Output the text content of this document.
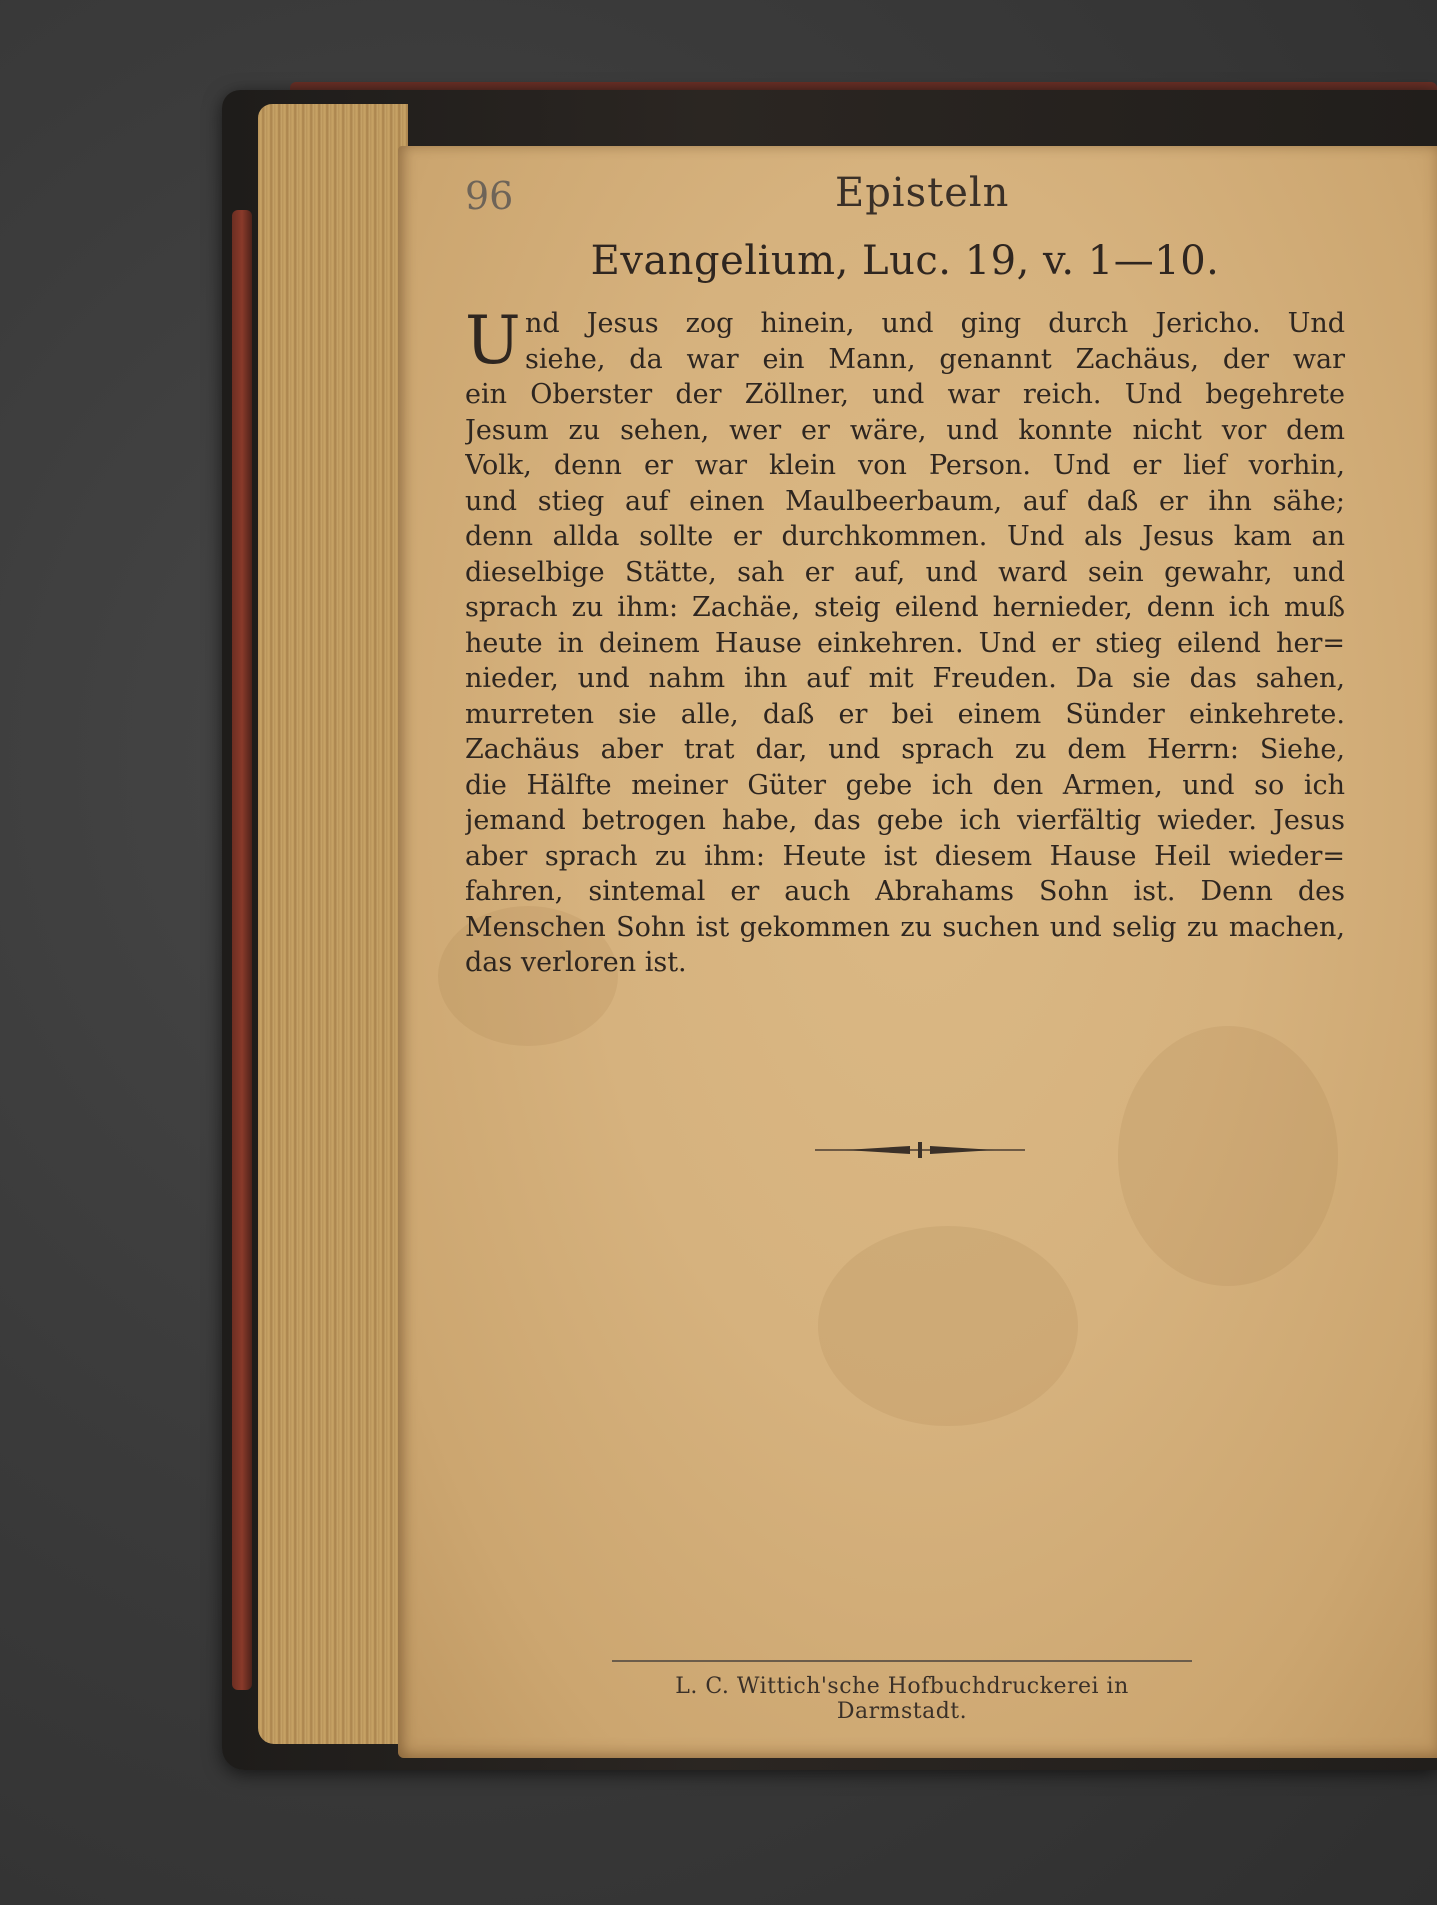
96	Episteln
Evangelium, Luc. 19, v. 1—10.
U nd Jesus zog hinein, und ging durch Jericho. Und
siehe, da war ein Mann, genannt Zachäus, der war
ein Oberster der Zöllner, und war reich. Und begehrete
Jesum zu sehen, wer er wäre, und konnte nicht vor dem
Volk, denn er war klein von Person. Und er lief vorhin,
und stieg auf einen Maulbeerbaum, auf daß er ihn sähe;
denn allda sollte er durchkommen. Und als Jesus kam an
dieselbige Stätte, sah er auf, und ward sein gewahr, und
sprach zu ihm: Zachäe, steig eilend hernieder, denn ich muß
heute in deinem Hause einkehren. Und er stieg eilend her=
nieder, und nahm ihn auf mit Freuden. Da sie das sahen,
murreten sie alle, daß er bei einem Sünder einkehrete.
Zachäus aber trat dar, und sprach zu dem Herrn: Siehe,
die Hälfte meiner Güter gebe ich den Armen, und so ich
jemand betrogen habe, das gebe ich vierfältig wieder. Jesus
aber sprach zu ihm: Heute ist diesem Hause Heil wieder=
fahren, sintemal er auch Abrahams Sohn ist. Denn des
Menschen Sohn ist gekommen zu suchen und selig zu machen,
das verloren ist.
L. C. Wittich'sche Hofbuchdruckerei in Darmstadt.
